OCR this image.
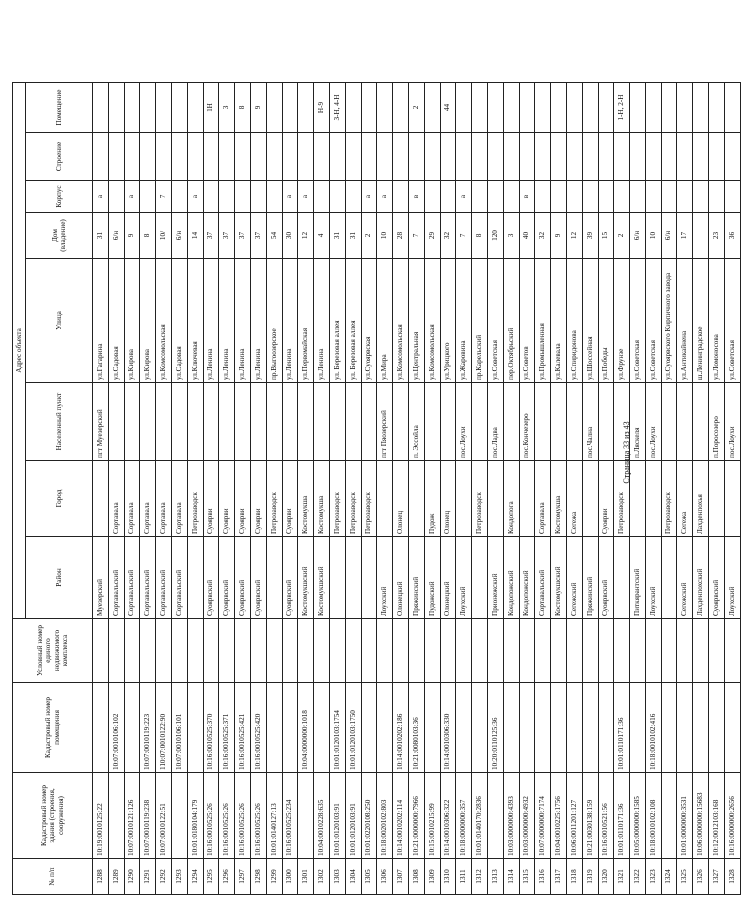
№ п/п	Кадастровый номер здания (строения, сооружения)	Кадастровый номер помещения	Условный номер единого недвижимого комплекса	Адрес объекта							
				Район	Город	Населенный пункт	Улица	Дом (владение)	Корпус	Строение	Помещение
1288	10:19:0010125:22			Муезерский		пгт Муезерский	ул.Гагарина	31	а		
1289		10:07:0010106:102		Сортавальский	Сортавала		ул.Садовая	6/н			
1290	10:07:0010121:126			Сортавальский	Сортавала		ул.Кирова	9	а		
1291	10:07:0010119:238	10:07:0010119:223		Сортавальский	Сортавала		ул.Кирова	8			
1292	10:07:0010122:51	110:07:0010122:90		Сортавальский	Сортавала		ул.Комсомольская	10/	7		
1293		10:07:0010106:101		Сортавальский	Сортавала		ул.Садовая	6/н			
1294	10:01:0180104:179				Петрозаводск		ул.Ключевая	14	а		
1295	10:16:0010525:26	10:16:0010525:370		Суоярвский	Суоярви		ул.Ленина	37			1Н
1296	10:16:0010525:26	10:16:0010525:371		Суоярвский	Суоярви		ул.Ленина	37			3
1297	10:16:0010525:26	10:16:0010525:421		Суоярвский	Суоярви		ул.Ленина	37			8
1298	10:16:0010525:26	10:16:0010525:420		Суоярвский	Суоярви		ул.Ленина	37			9
1299	10:01:0140127:13				Петрозаводск		пр.Выгоозерское	54			
1300	10:16:0010525:234			Суоярвский	Суоярви		ул.Ленина	30	а		
1301		10:04:0000000:1018		Костомукшский	Костомукша		ул.Первомайская	12	а		
1302	10:04:0010228:635			Костомукшский	Костомукша		ул.Ленина	4			Н-9
1303	10:01:0120103:91	10:01:0120103:1754			Петрозаводск		ул. Березовая аллея	31			3-Н, 4-Н
1304	10:01:0120103:91	10:01:0120103:1750			Петрозаводск		ул. Березовая аллея	31			
1305	10:01:0220108:250				Петрозаводск		ул.Суоярвская	2	а		
1306	10:18:0020102:803			Лоухский		пгт Пяозерский	ул.Мира	10	а		
1307	10:14:0010202:114	10:14:0010202:186		Олонецкий	Олонец		ул.Комсомольская	28			
1308	10:21:0000000:7966	10:21:0080103:36		Пряжинский		п. Эссойла	ул.Центральная	7	в		2
1309	10:15:0010215:99			Пудожский	Пудож		ул.Комсомольская	29			
1310	10:14:0010306:322	10:14:0010306:330		Олонецкий	Олонец		ул.Урицкого	32			44
1311	10:18:0000000:357			Лоухский		пос.Лоухи	ул.Жаровина	7	а		
1312	10:01:0140170:2836				Петрозаводск		пр.Карельский	8			
1313		10:20:0110125:36		Прионежский		пос.Ладва	ул.Советская	120			
1314	10:03:0000000:4393			Кондопожский	Кондопога		пер.Октябрьский	3			
1315	10:03:0000000:4932			Кондопожский		пос.Кончезеро	ул.Советов	40	в		
1316	10:07:0000000:7174			Сортавальский	Сортавала		ул.Промышленная	32			
1317	10:04:0010225:1756			Костомукшский	Костомукша		ул.Калевала	9			
1318	10:06:0011201:127			Сегежский	Сегежа		ул.Спиридонова	12			
1319	10:21:0030138:159			Пряжинский		пос.Чална	ул.Шоссейная	39			
1320	10:16:0010521:56			Суоярвский	Суоярви		ул.Победы	15			
1321	10:01:0110171:36	10:01:0110171:36			Петрозаводск		ул.Фрунзе	2			1-Н, 2-Н
1322	10:05:0000000:1585			Питкярантский		п.Ляскеля	ул.Советская	6/н			
1323	10:18:0010102:108	10:18:0010102:416		Лоухский		пос.Лоухи	ул.Советская	10			
1324					Петрозаводск		ул.Суоярвского Кирпичного завода	6/н			
1325	10:01:0000000:3531			Сегежский	Сегежа		ул.Антикайнена	17			
1326	10:06:0000000:15683			Лахденпохский	Лахденпохья		ш.Ленинградское				
1327	10:12:0012103:168			Суоярвский		п.Поросозеро	ул.Ломоносова	23			
1328	10:16:0000000:2656			Лоухский		пос.Лоухи	ул.Советская	36			
Страница 33 из 43
